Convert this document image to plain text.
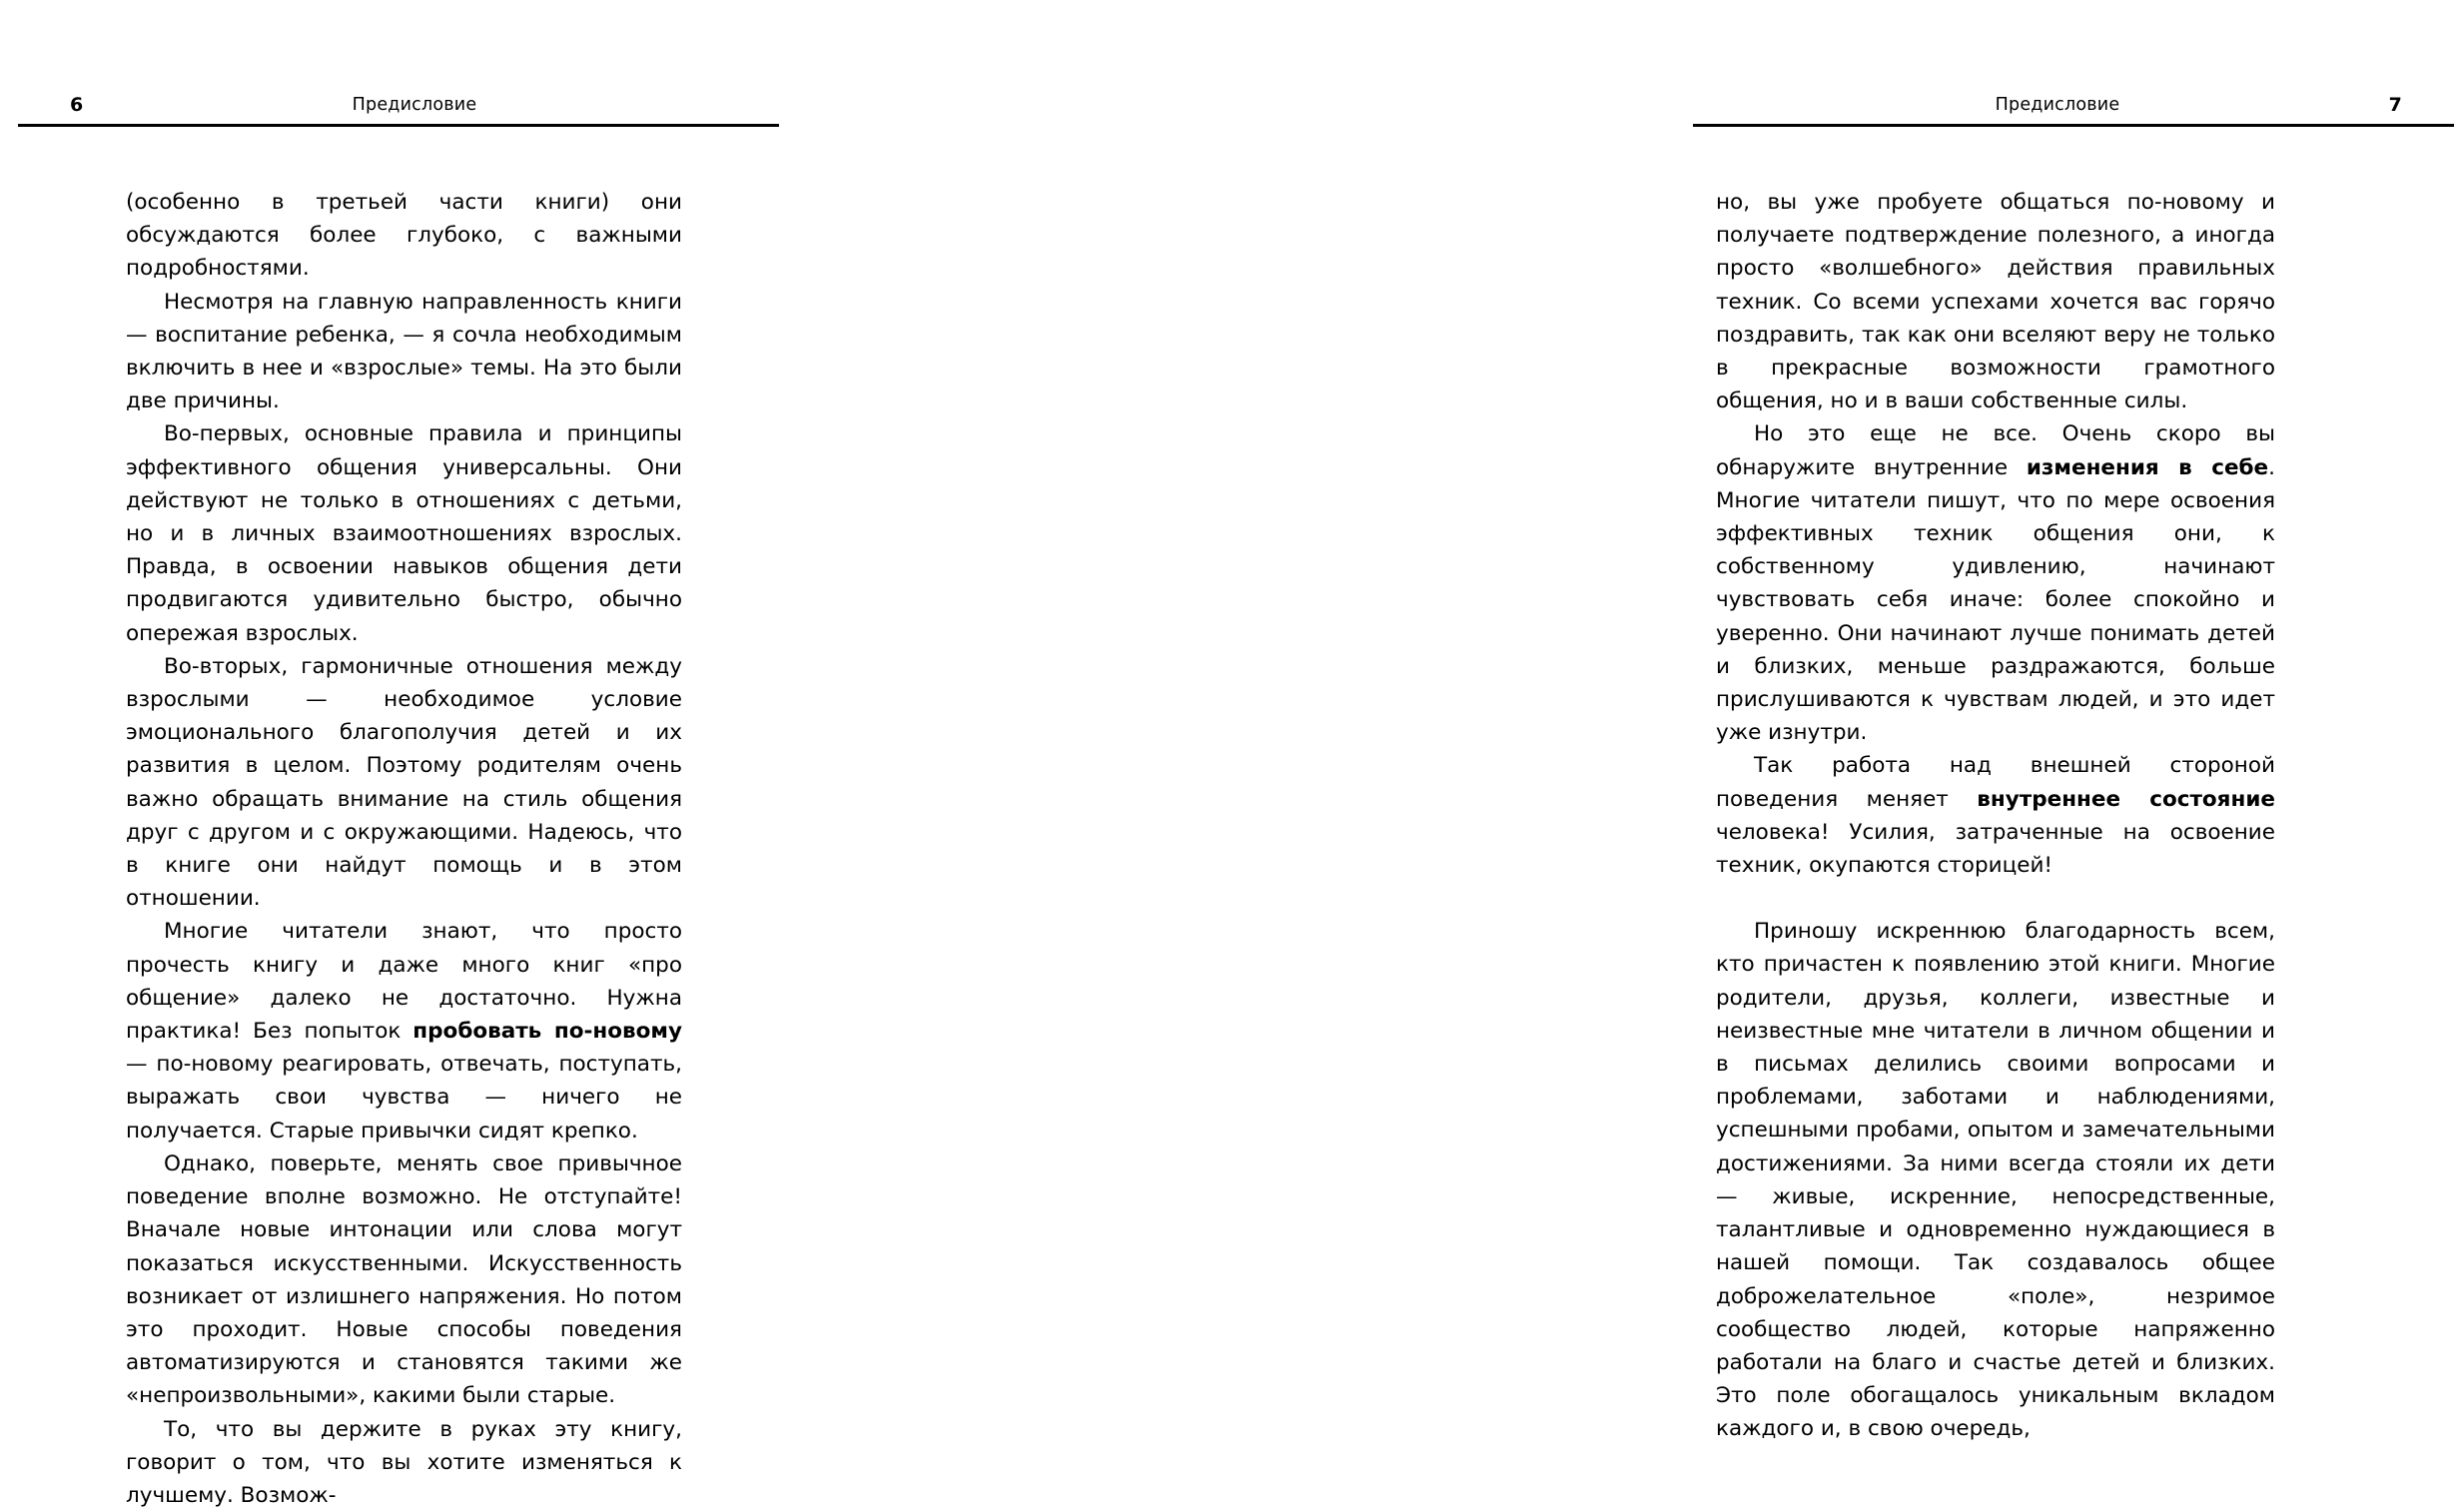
6	Предисловие

(особенно в третьей части книги) они обсуждаются более глубоко, с важными подробностями.

Несмотря на главную направленность книги — воспитание ребенка, — я сочла необходимым включить в нее и «взрослые» темы. На это были две причины.

Во-первых, основные правила и принципы эффективного общения универсальны. Они действуют не только в отношениях с детьми, но и в личных взаимоотношениях взрослых. Правда, в освоении навыков общения дети продвигаются удивительно быстро, обычно опережая взрослых.

Во-вторых, гармоничные отношения между взрослыми — необходимое условие эмоционального благополучия детей и их развития в целом. Поэтому родителям очень важно обращать внимание на стиль общения друг с другом и с окружающими. Надеюсь, что в книге они найдут помощь и в этом отношении.

Многие читатели знают, что просто прочесть книгу и даже много книг «про общение» далеко не достаточно. Нужна практика! Без попыток пробовать по-новому — по-новому реагировать, отвечать, поступать, выражать свои чувства — ничего не получается. Старые привычки сидят крепко.

Однако, поверьте, менять свое привычное поведение вполне возможно. Не отступайте! Вначале новые интонации или слова могут показаться искусственными. Искусственность возникает от излишнего напряжения. Но потом это проходит. Новые способы поведения автоматизируются и становятся такими же «непроизвольными», какими были старые.

То, что вы держите в руках эту книгу, говорит о том, что вы хотите изменяться к лучшему. Возмож-

Предисловие	7

но, вы уже пробуете общаться по-новому и получаете подтверждение полезного, а иногда просто «волшебного» действия правильных техник. Со всеми успехами хочется вас горячо поздравить, так как они вселяют веру не только в прекрасные возможности грамотного общения, но и в ваши собственные силы.

Но это еще не все. Очень скоро вы обнаружите внутренние изменения в себе. Многие читатели пишут, что по мере освоения эффективных техник общения они, к собственному удивлению, начинают чувствовать себя иначе: более спокойно и уверенно. Они начинают лучше понимать детей и близких, меньше раздражаются, больше прислушиваются к чувствам людей, и это идет уже изнутри.

Так работа над внешней стороной поведения меняет внутреннее состояние человека! Усилия, затраченные на освоение техник, окупаются сторицей!

Приношу искреннюю благодарность всем, кто причастен к появлению этой книги. Многие родители, друзья, коллеги, известные и неизвестные мне читатели в личном общении и в письмах делились своими вопросами и проблемами, заботами и наблюдениями, успешными пробами, опытом и замечательными достижениями. За ними всегда стояли их дети — живые, искренние, непосредственные, талантливые и одновременно нуждающиеся в нашей помощи. Так создавалось общее доброжелательное «поле», незримое сообщество людей, которые напряженно работали на благо и счастье детей и близких. Это поле обогащалось уникальным вкладом каждого и, в свою очередь,
